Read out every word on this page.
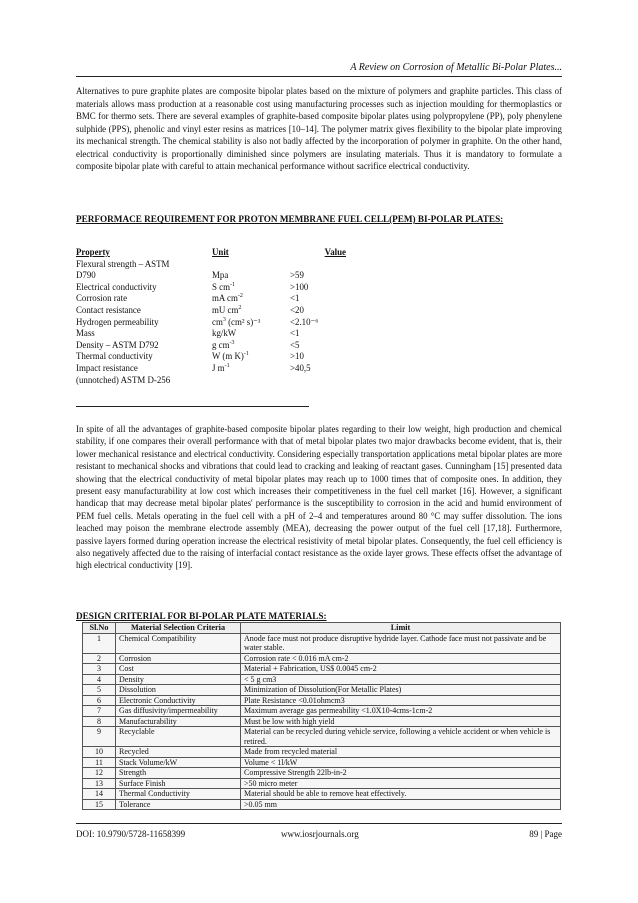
A Review on Corrosion of Metallic Bi-Polar Plates...

Alternatives to pure graphite plates are composite bipolar plates based on the mixture of polymers and graphite particles. This class of materials allows mass production at a reasonable cost using manufacturing processes such as injection moulding for thermoplastics or BMC for thermo sets. There are several examples of graphite-based composite bipolar plates using polypropylene (PP), poly phenylene sulphide (PPS), phenolic and vinyl ester resins as matrices [10–14]. The polymer matrix gives flexibility to the bipolar plate improving its mechanical strength. The chemical stability is also not badly affected by the incorporation of polymer in graphite. On the other hand, electrical conductivity is proportionally diminished since polymers are insulating materials. Thus it is mandatory to formulate a composite bipolar plate with careful to attain mechanical performance without sacrifice electrical conductivity.

PERFORMACE REQUIREMENT FOR PROTON MEMBRANE FUEL CELL(PEM) BI-POLAR PLATES:

Property	Unit	Value
Flexural strength – ASTM
D790	Mpa	>59
Electrical conductivity	S $cm^{-1}$	>100
Corrosion rate	mA $cm^{-2}$	<1
Contact resistance	mU $cm^2$	<20
Hydrogen permeability	$cm^3$ (cm² s)⁻¹	<2.10⁻⁶
Mass	kg/kW	<1
Density – ASTM D792	g $cm^{-3}$	<5
Thermal conductivity	W (m K)$^{-1}$	>10
Impact resistance	J $m^{-1}$	>40,5
(unnotched) ASTM D-256

In spite of all the advantages of graphite-based composite bipolar plates regarding to their low weight, high production and chemical stability, if one compares their overall performance with that of metal bipolar plates two major drawbacks become evident, that is, their lower mechanical resistance and electrical conductivity. Considering especially transportation applications metal bipolar plates are more resistant to mechanical shocks and vibrations that could lead to cracking and leaking of reactant gases. Cunningham [15] presented data showing that the electrical conductivity of metal bipolar plates may reach up to 1000 times that of composite ones. In addition, they present easy manufacturability at low cost which increases their competitiveness in the fuel cell market [16]. However, a significant handicap that may decrease metal bipolar plates' performance is the susceptibility to corrosion in the acid and humid environment of PEM fuel cells. Metals operating in the fuel cell with a pH of 2–4 and temperatures around 80 °C may suffer dissolution. The ions leached may poison the membrane electrode assembly (MEA), decreasing the power output of the fuel cell [17,18]. Furthermore, passive layers formed during operation increase the electrical resistivity of metal bipolar plates. Consequently, the fuel cell efficiency is also negatively affected due to the raising of interfacial contact resistance as the oxide layer grows. These effects offset the advantage of high electrical conductivity [19].

DESIGN CRITERIAL FOR BI-POLAR PLATE MATERIALS:

Sl.No	Material Selection Criteria	Limit
1	Chemical Compatibility	Anode face must not produce disruptive hydride layer. Cathode face must not passivate and be water stable.
2	Corrosion	Corrosion rate < 0.016 mA cm-2
3	Cost	Material + Fabrication, US$ 0.0045 cm-2
4	Density	< 5 g cm3
5	Dissolution	Minimization of Dissolution(For Metallic Plates)
6	Electronic Conductivity	Plate Resistance <0.01ohmcm3
7	Gas diffusivity/impermeability	Maximum average gas permeability <1.0X10-4cms-1cm-2
8	Manufacturability	Must be low with high yield
9	Recyclable	Material can be recycled during vehicle service, following a vehicle accident or when vehicle is retired.
10	Recycled	Made from recycled material
11	Stack Volume/kW	Volume < 1l/kW
12	Strength	Compressive Strength 22lb-in-2
13	Surface Finish	>50 micro meter
14	Thermal Conductivity	Material should be able to remove heat effectively.
15	Tolerance	>0.05 mm
DOI: 10.9790/5728-11658399	www.iosrjournals.org	89 | Page
